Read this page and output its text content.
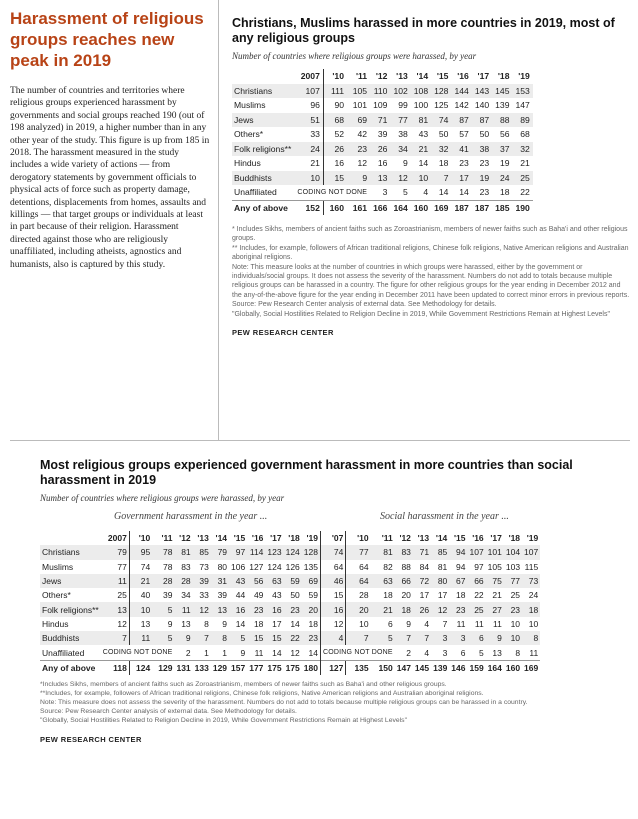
Harassment of religious groups reaches new peak in 2019
The number of countries and territories where religious groups experienced harassment by governments and social groups reached 190 (out of 198 analyzed) in 2019, a higher number than in any other year of the study. This figure is up from 185 in 2018. The harassment measured in the study includes a wide variety of actions — from derogatory statements by government officials to physical acts of force such as property damage, detentions, displacements from homes, assaults and killings — that target groups or individuals at least in part because of their religion. Harassment directed against those who are religiously unaffiliated, including atheists, agnostics and humanists, also is captured by this study.
Christians, Muslims harassed in more countries in 2019, most of any religious groups
Number of countries where religious groups were harassed, by year
	2007	'10	'11	'12	'13	'14	'15	'16	'17	'18	'19
Christians	107	111	105	110	102	108	128	144	143	145	153
Muslims	96	90	101	109	99	100	125	142	140	139	147
Jews	51	68	69	71	77	81	74	87	87	88	89
Others*	33	52	42	39	38	43	50	57	50	56	68
Folk religions**	24	26	23	26	34	21	32	41	38	37	32
Hindus	21	16	12	16	9	14	18	23	23	19	21
Buddhists	10	15	9	13	12	10	7	17	19	24	25
Unaffiliated	CODING NOT DONE			3	5	4	14	14	23	18	22
Any of above	152	160	161	166	164	160	169	187	187	185	190
* Includes Sikhs, members of ancient faiths such as Zoroastrianism, members of newer faiths such as Baha'i and other religious groups.
** Includes, for example, followers of African traditional religions, Chinese folk religions, Native American religions and Australian aboriginal religions.
Note: This measure looks at the number of countries in which groups were harassed, either by the government or individuals/social groups. It does not assess the severity of the harassment. Numbers do not add to totals because multiple religious groups can be harassed in a country. The figure for other religious groups for the year ending in December 2012 and the any-of-the-above figure for the year ending in December 2011 have been updated to correct minor errors in previous reports.
Source: Pew Research Center analysis of external data. See Methodology for details.
"Globally, Social Hostilities Related to Religion Decline in 2019, While Government Restrictions Remain at Highest Levels"
PEW RESEARCH CENTER
Most religious groups experienced government harassment in more countries than social harassment in 2019
Number of countries where religious groups were harassed, by year
Government harassment in the year ...	Social harassment in the year ...
	2007	'10	'11	'12	'13	'14	'15	'16	'17	'18	'19	'07	'10	'11	'12	'13	'14	'15	'16	'17	'18	'19
Christians	79	95	78	81	85	79	97	114	123	124	128	74	77	81	83	71	85	94	107	101	104	107
Muslims	77	74	78	83	73	80	106	127	124	126	135	64	64	82	88	84	81	94	97	105	103	115
Jews	11	21	28	28	39	31	43	56	63	59	69	46	64	63	66	72	80	67	66	75	77	73
Others*	25	40	39	34	33	39	44	49	43	50	59	15	28	18	20	17	17	18	22	21	25	24
Folk religions**	13	10	5	11	12	13	16	23	16	23	20	16	20	21	18	26	12	23	25	27	23	18
Hindus	12	13	9	13	8	9	14	18	17	14	18	12	10	6	9	4	7	11	11	11	10	10
Buddhists	7	11	5	9	7	8	5	15	15	22	23	4	7	5	7	7	3	3	6	9	10	8
Unaffiliated	CODING NOT DONE			2	1	1	9	11	14	12	14	CODING NOT DONE			2	4	3	6	5	13	8	11
Any of above	118	124	129	131	133	129	157	177	175	175	180	127	135	150	147	145	139	146	159	164	160	169
*Includes Sikhs, members of ancient faiths such as Zoroastrianism, members of newer faiths such as Baha'i and other religious groups.
**Includes, for example, followers of African traditional religions, Chinese folk religions, Native American religions and Australian aboriginal religions.
Note: This measure does not assess the severity of the harassment. Numbers do not add to totals because multiple religious groups can be harassed in a country.
Source: Pew Research Center analysis of external data. See Methodology for details.
"Globally, Social Hostilities Related to Religion Decline in 2019, While Government Restrictions Remain at Highest Levels"
PEW RESEARCH CENTER
